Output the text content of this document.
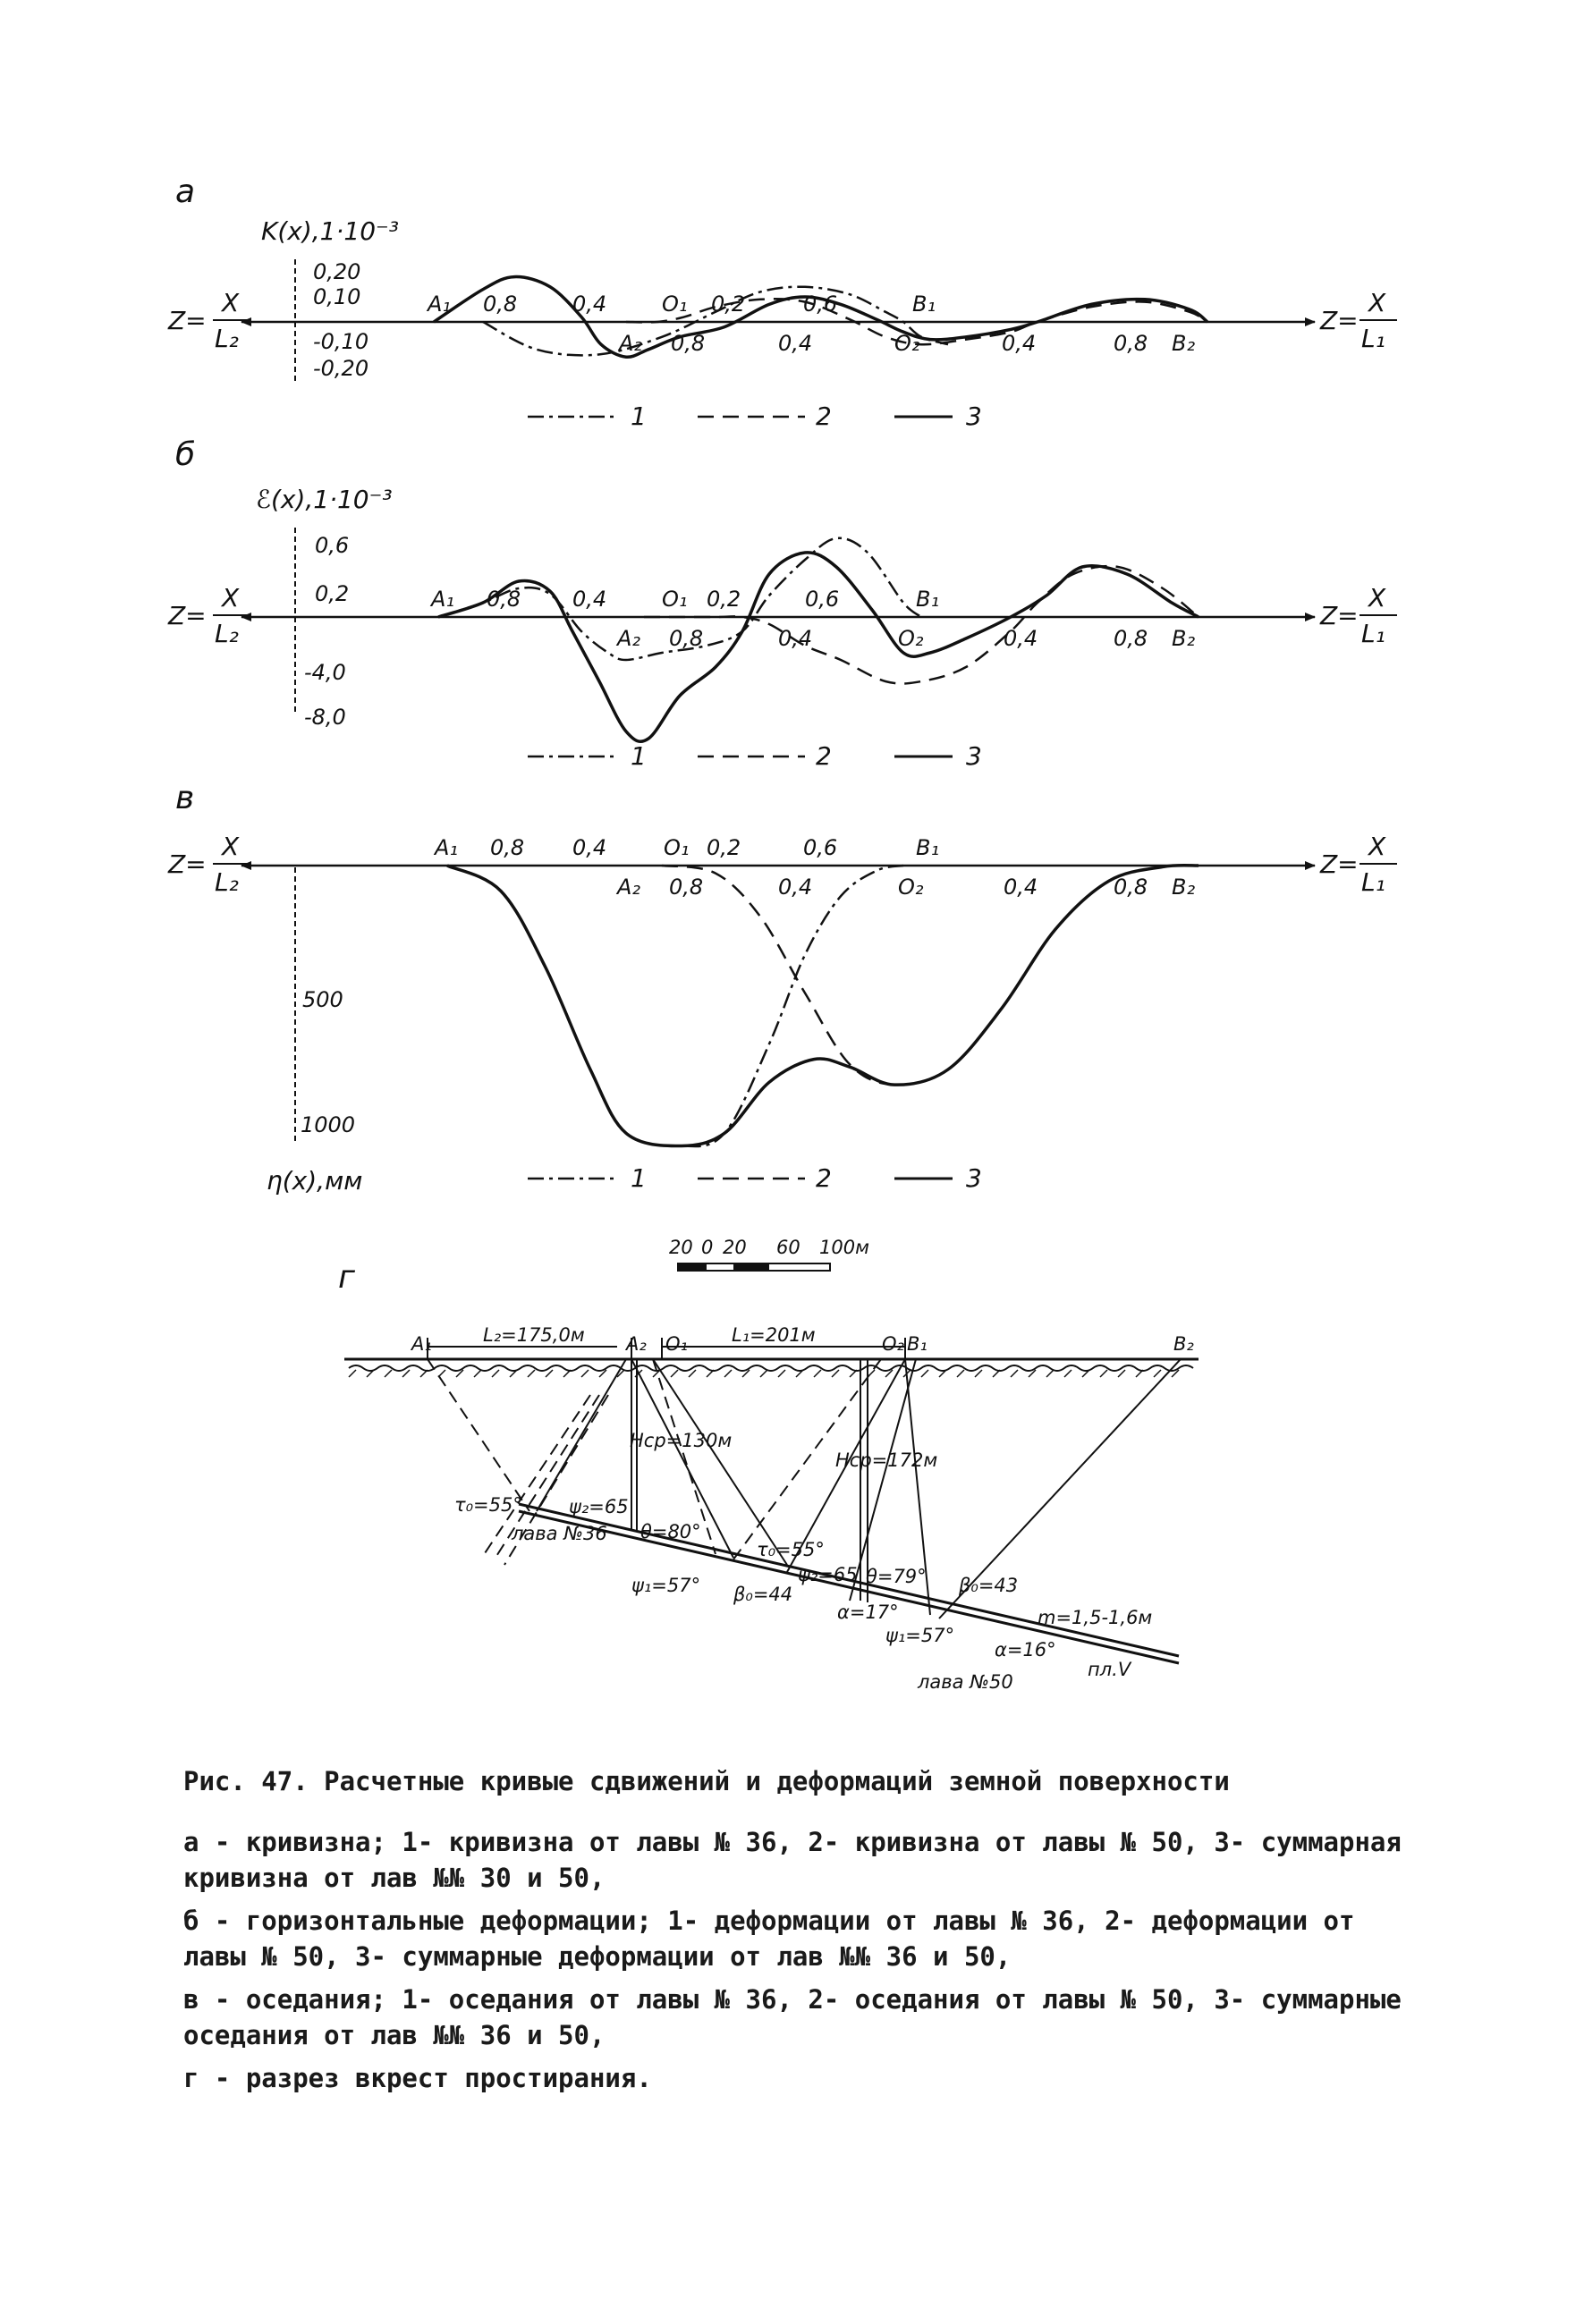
а
K(x),1·10⁻³
0,20
0,10
-0,10
-0,20
Z=
X
L₂
Z=
X
L₁
A₁ 0,8	0,4	O₁ 0,2	0,6	B₁
A₂ 0,8	0,4	O₂	0,4	0,8 B₂
1	2	3
б
ℰ(x),1·10⁻³
0,6
0,2
-4,0
-8,0
Z=
X
L₂
Z=
X
L₁
A₁ 0,8 0,4	O₁ 0,2	0,6	B₁
A₂ 0,8	0,4	O₂	0,4	0,8 B₂
1	2	3
в
η(x),мм
500
1000
Z=
X
L₂
Z=
X
L₁
A₁ 0,8 0,4	O₁ 0,2	0,6	B₁
A₂ 0,8	0,4	O₂	0,4	0,8 B₂
1	2	3
20 0 20 60 100м
г
L₂=175,0м	L₁=201м
A₁	A₂ O₁	O₂ B₁	B₂
Hср=130м
Hср=172м
τ₀=55° ψ₂=65
θ=80°
ψ₁=57° β₀=44
τ₀=55°
ψ₂=65 θ=79°
α=17°
ψ₁=57°
β₀=43
α=16°
лава №36
лава №50
m=1,5-1,6м
пл.V

Рис. 47. Расчетные кривые сдвижений и деформаций земной поверхности

а - кривизна; 1- кривизна от лавы № 36, 2- кривизна от лавы № 50, 3- суммарная кривизна от лав №№ 30 и 50,

б - горизонтальные деформации; 1- деформации от лавы № 36, 2- деформации от лавы № 50, 3- суммарные деформации от лав №№ 36 и 50,

в - оседания; 1- оседания от лавы № 36, 2- оседания от лавы № 50, 3- суммарные оседания от лав №№ 36 и 50,

г - разрез вкрест простирания.
